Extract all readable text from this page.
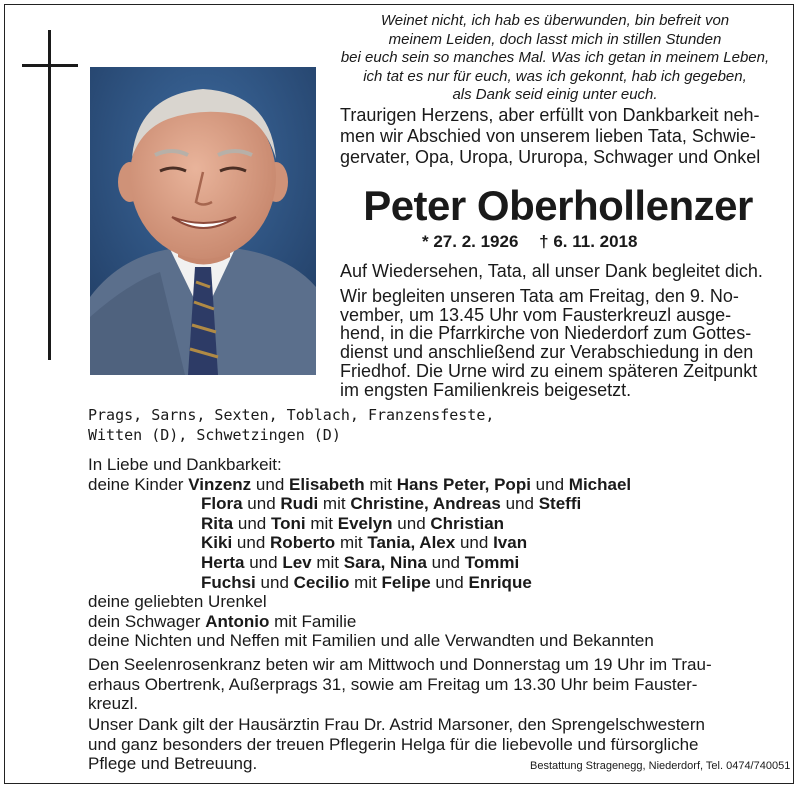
Weinet nicht, ich hab es überwunden, bin befreit von
meinem Leiden, doch lasst mich in stillen Stunden
bei euch sein so manches Mal. Was ich getan in meinem Leben,
ich tat es nur für euch, was ich gekonnt, hab ich gegeben,
als Dank seid einig unter euch.
Traurigen Herzens, aber erfüllt von Dankbarkeit neh-
men wir Abschied von unserem lieben Tata, Schwie-
gervater, Opa, Uropa, Ururopa, Schwager und Onkel
Peter Oberhollenzer
* 27. 2. 1926 † 6. 11. 2018
Auf Wiedersehen, Tata, all unser Dank begleitet dich.
Wir begleiten unseren Tata am Freitag, den 9. No-
vember, um 13.45 Uhr vom Fausterkreuzl ausge-
hend, in die Pfarrkirche von Niederdorf zum Gottes-
dienst und anschließend zur Verabschiedung in den
Friedhof. Die Urne wird zu einem späteren Zeitpunkt
im engsten Familienkreis beigesetzt.
Prags, Sarns, Sexten, Toblach, Franzensfeste,
Witten (D), Schwetzingen (D)
In Liebe und Dankbarkeit:
deine Kinder Vinzenz und Elisabeth mit Hans Peter, Popi und Michael
Flora und Rudi mit Christine, Andreas und Steffi
Rita und Toni mit Evelyn und Christian
Kiki und Roberto mit Tania, Alex und Ivan
Herta und Lev mit Sara, Nina und Tommi
Fuchsi und Cecilio mit Felipe und Enrique
deine geliebten Urenkel
dein Schwager Antonio mit Familie
deine Nichten und Neffen mit Familien und alle Verwandten und Bekannten
Den Seelenrosenkranz beten wir am Mittwoch und Donnerstag um 19 Uhr im Trau-
erhaus Obertrenk, Außerprags 31, sowie am Freitag um 13.30 Uhr beim Fauster-
kreuzl.
Unser Dank gilt der Hausärztin Frau Dr. Astrid Marsoner, den Sprengelschwestern
und ganz besonders der treuen Pflegerin Helga für die liebevolle und fürsorgliche
Pflege und Betreuung.	Bestattung Stragenegg, Niederdorf, Tel. 0474/740051
